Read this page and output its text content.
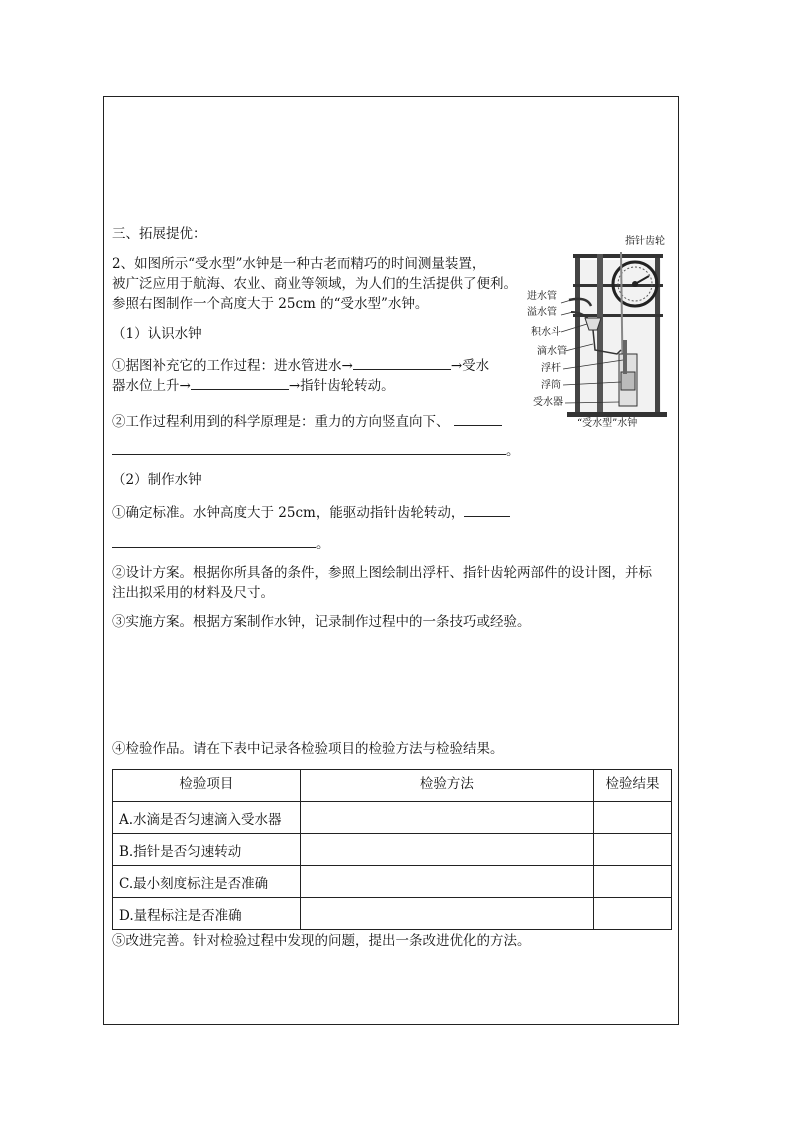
三、拓展提优：
2、如图所示“受水型”水钟是一种古老而精巧的时间测量装置，
被广泛应用于航海、农业、商业等领域，为人们的生活提供了便利。
参照右图制作一个高度大于 25cm 的“受水型”水钟。
（1）认识水钟
①据图补充它的工作过程：进水管进水→	→受水
器水位上升→	→指针齿轮转动。
②工作过程利用到的科学原理是：重力的方向竖直向下、
。
（2）制作水钟
①确定标准。水钟高度大于 25cm，能驱动指针齿轮转动，
。
②设计方案。根据你所具备的条件，参照上图绘制出浮杆、指针齿轮两部件的设计图，并标
注出拟采用的材料及尺寸。
③实施方案。根据方案制作水钟，记录制作过程中的一条技巧或经验。
④检验作品。请在下表中记录各检验项目的检验方法与检验结果。
检验项目	检验方法	检验结果
A.水滴是否匀速滴入受水器		
B.指针是否匀速转动		
C.最小刻度标注是否准确		
D.量程标注是否准确		
⑤改进完善。针对检验过程中发现的问题，提出一条改进优化的方法。
指针齿轮
进水管
溢水管
积水斗
滴水管
浮杆
浮筒
受水器
“受水型”水钟
